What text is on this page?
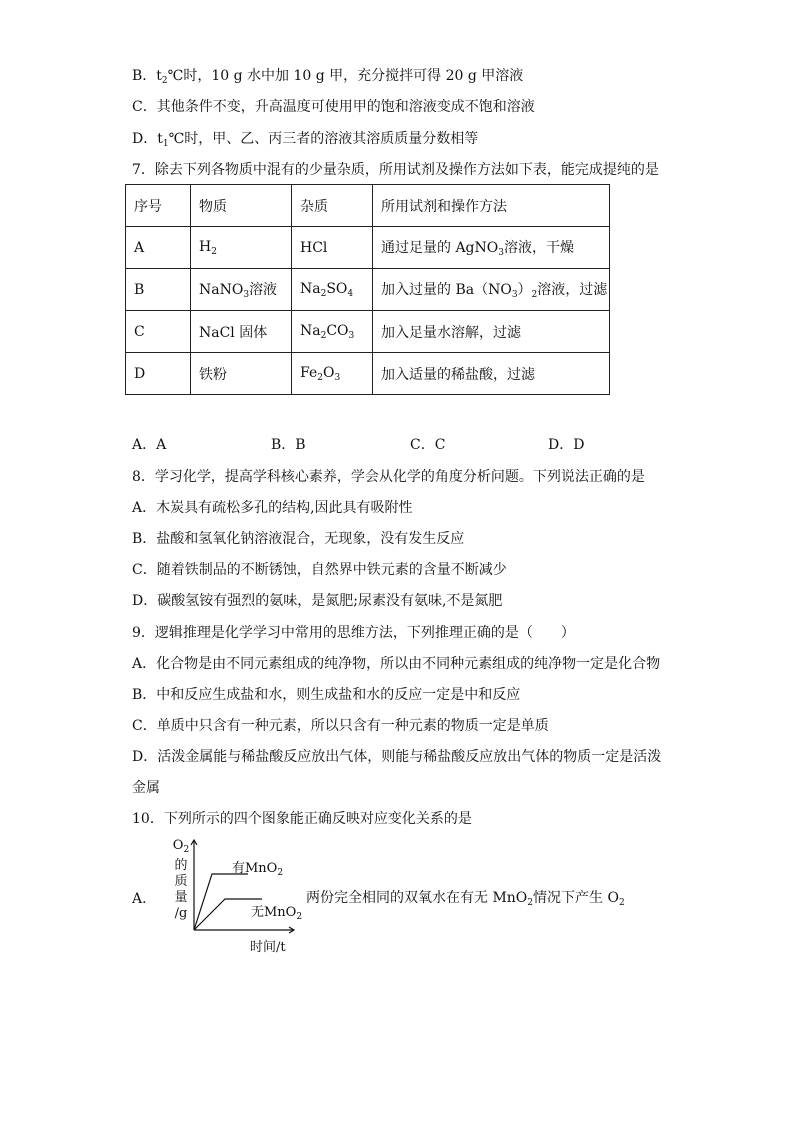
B．$t_2℃$时，10 g 水中加 10 g 甲，充分搅拌可得 20 g 甲溶液
C．其他条件不变，升高温度可使用甲的饱和溶液变成不饱和溶液
D．$t_1℃$时，甲、乙、丙三者的溶液其溶质质量分数相等
7．除去下列各物质中混有的少量杂质，所用试剂及操作方法如下表，能完成提纯的是
序号	物质	杂质	所用试剂和操作方法
A	$H_2$	HCl	通过足量的 AgNO$_3$溶液，干燥
B	NaNO$_3$溶液	$Na_2SO_4$	加入过量的 $Ba(NO_3)_2$溶液，过滤
C	NaCl 固体	$Na_2CO_3$	加入足量水溶解，过滤
D	铁粉	$Fe_2O_3$	加入适量的稀盐酸，过滤
A．A	B．B	C．C	D．D
8．学习化学，提高学科核心素养，学会从化学的角度分析问题。下列说法正确的是
A．木炭具有疏松多孔的结构,因此具有吸附性
B．盐酸和氢氧化钠溶液混合，无现象，没有发生反应
C．随着铁制品的不断锈蚀，自然界中铁元素的含量不断减少
D．碳酸氢铵有强烈的氨味，是氮肥;尿素没有氨味,不是氮肥
9．逻辑推理是化学学习中常用的思维方法，下列推理正确的是（　　）
A．化合物是由不同元素组成的纯净物，所以由不同种元素组成的纯净物一定是化合物
B．中和反应生成盐和水，则生成盐和水的反应一定是中和反应
C．单质中只含有一种元素，所以只含有一种元素的物质一定是单质
D．活泼金属能与稀盐酸反应放出气体，则能与稀盐酸反应放出气体的物质一定是活泼
金属
10．下列所示的四个图象能正确反映对应变化关系的是
A．
$O_2$
的
质
量
/g
有MnO$_2$
无MnO$_2$
时间/t
两份完全相同的双氧水在有无 MnO$_2$情况下产生 $O_2$
